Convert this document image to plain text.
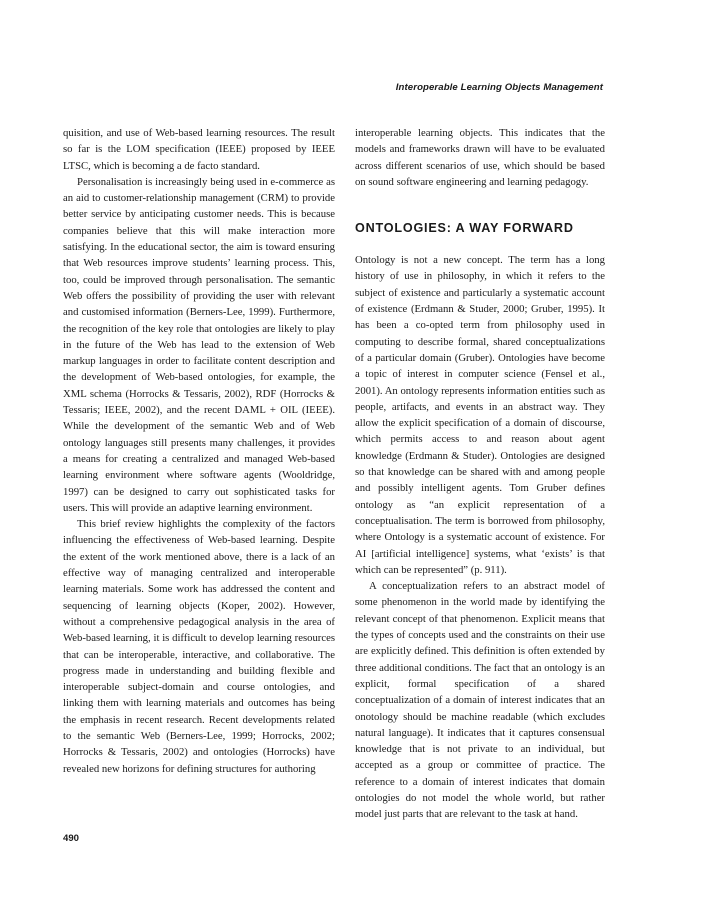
Interoperable Learning Objects Management

quisition, and use of Web-based learning resources. The result so far is the LOM specification (IEEE) proposed by IEEE LTSC, which is becoming a de facto standard.

Personalisation is increasingly being used in e-commerce as an aid to customer-relationship management (CRM) to provide better service by anticipating customer needs. This is because companies believe that this will make interaction more satisfying. In the educational sector, the aim is toward ensuring that Web resources improve students’ learning process. This, too, could be improved through personalisation. The semantic Web offers the possibility of providing the user with relevant and customised information (Berners-Lee, 1999). Furthermore, the recognition of the key role that ontologies are likely to play in the future of the Web has lead to the extension of Web markup languages in order to facilitate content description and the development of Web-based ontologies, for example, the XML schema (Horrocks & Tessaris, 2002), RDF (Horrocks & Tessaris; IEEE, 2002), and the recent DAML + OIL (IEEE). While the development of the semantic Web and of Web ontology languages still presents many challenges, it provides a means for creating a centralized and managed Web-based learning environment where software agents (Wooldridge, 1997) can be designed to carry out sophisticated tasks for users. This will provide an adaptive learning environment.

This brief review highlights the complexity of the factors influencing the effectiveness of Web-based learning. Despite the extent of the work mentioned above, there is a lack of an effective way of managing centralized and interoperable learning materials. Some work has addressed the content and sequencing of learning objects (Koper, 2002). However, without a comprehensive pedagogical analysis in the area of Web-based learning, it is difficult to develop learning resources that can be interoperable, interactive, and collaborative. The progress made in understanding and building flexible and interoperable subject-domain and course ontologies, and linking them with learning materials and outcomes has being the emphasis in recent research. Recent developments related to the semantic Web (Berners-Lee, 1999; Horrocks, 2002; Horrocks & Tessaris, 2002) and ontologies (Horrocks) have revealed new horizons for defining structures for authoring

interoperable learning objects. This indicates that the models and frameworks drawn will have to be evaluated across different scenarios of use, which should be based on sound software engineering and learning pedagogy.

ONTOLOGIES: A WAY FORWARD

Ontology is not a new concept. The term has a long history of use in philosophy, in which it refers to the subject of existence and particularly a systematic account of existence (Erdmann & Studer, 2000; Gruber, 1995). It has been a co-opted term from philosophy used in computing to describe formal, shared conceptualizations of a particular domain (Gruber). Ontologies have become a topic of interest in computer science (Fensel et al., 2001). An ontology represents information entities such as people, artifacts, and events in an abstract way. They allow the explicit specification of a domain of discourse, which permits access to and reason about agent knowledge (Erdmann & Studer). Ontologies are designed so that knowledge can be shared with and among people and possibly intelligent agents. Tom Gruber defines ontology as “an explicit representation of a conceptualisation. The term is borrowed from philosophy, where Ontology is a systematic account of existence. For AI [artificial intelligence] systems, what ‘exists’ is that which can be represented” (p. 911).

A conceptualization refers to an abstract model of some phenomenon in the world made by identifying the relevant concept of that phenomenon. Explicit means that the types of concepts used and the constraints on their use are explicitly defined. This definition is often extended by three additional conditions. The fact that an ontology is an explicit, formal specification of a shared conceptualization of a domain of interest indicates that an onotology should be machine readable (which excludes natural language). It indicates that it captures consensual knowledge that is not private to an individual, but accepted as a group or committee of practice. The reference to a domain of interest indicates that domain ontologies do not model the whole world, but rather model just parts that are relevant to the task at hand.

490
